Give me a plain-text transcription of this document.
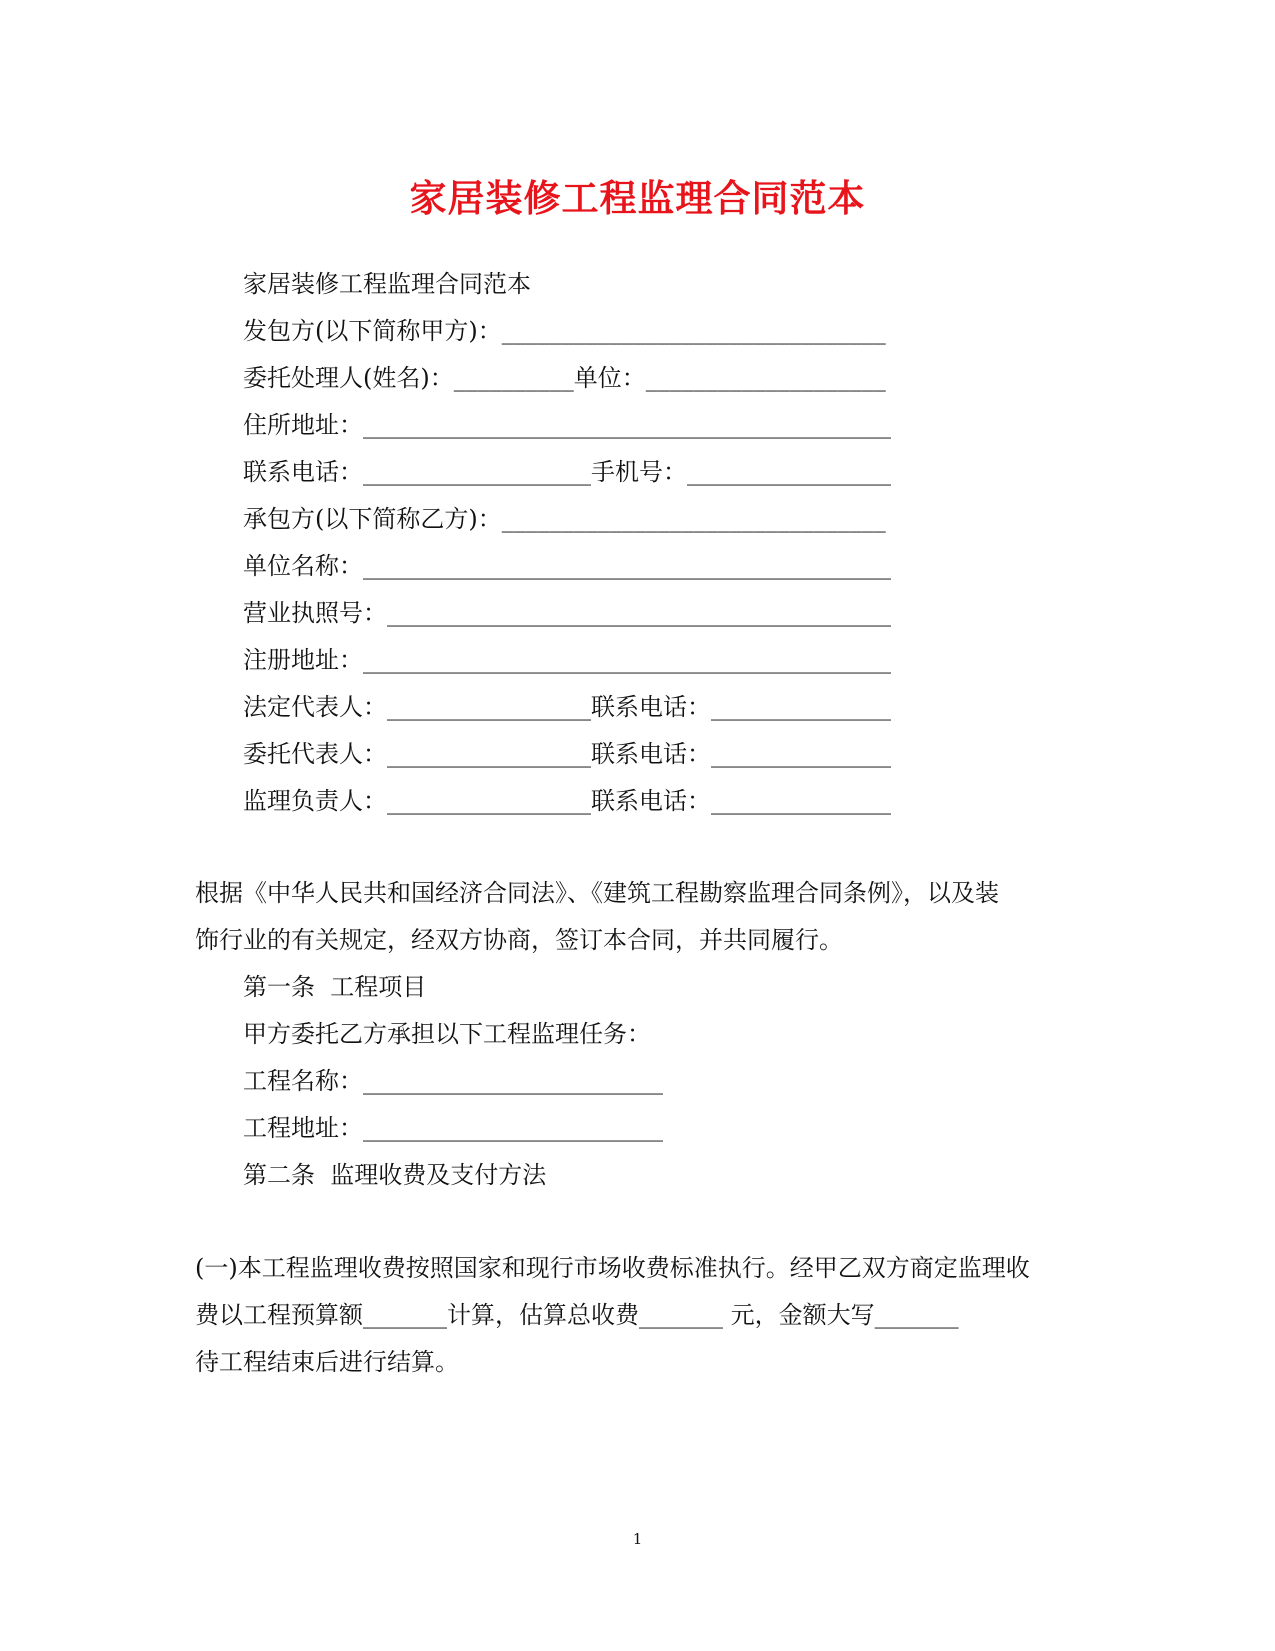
家居装修工程监理合同范本
家居装修工程监理合同范本
发包方(以下简称甲方)：________________________________
委托处理人(姓名)：__________单位：____________________
住所地址：____________________________________________
联系电话：___________________手机号：_________________
承包方(以下简称乙方)：________________________________
单位名称：____________________________________________
营业执照号：__________________________________________
注册地址：____________________________________________
法定代表人：_________________联系电话：_______________
委托代表人：_________________联系电话：_______________
监理负责人：_________________联系电话：_______________
根据《中华人民共和国经济合同法》、《建筑工程勘察监理合同条例》，以及装
饰行业的有关规定，经双方协商，签订本合同，并共同履行。
第一条  工程项目
甲方委托乙方承担以下工程监理任务：
工程名称：_________________________
工程地址：_________________________
第二条  监理收费及支付方法
(一)本工程监理收费按照国家和现行市场收费标准执行。经甲乙双方商定监理收
费以工程预算额_______计算，估算总收费_______ 元，金额大写_______
待工程结束后进行结算。
1
